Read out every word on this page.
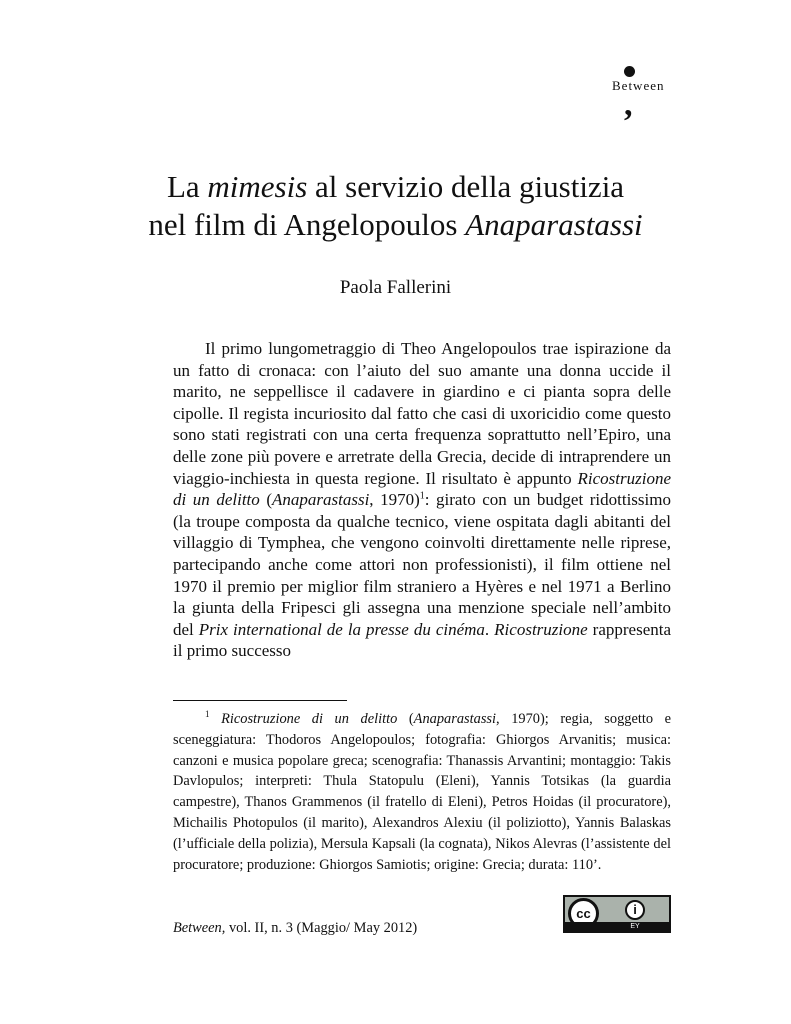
Between
,
La mimesis al servizio della giustizia
nel film di Angelopoulos Anaparastassi

Paola Fallerini

Il primo lungometraggio di Theo Angelopoulos trae ispirazione da un fatto di cronaca: con l’aiuto del suo amante una donna uccide il marito, ne seppellisce il cadavere in giardino e ci pianta sopra delle cipolle. Il regista incuriosito dal fatto che casi di uxoricidio come questo sono stati registrati con una certa frequenza soprattutto nell’Epiro, una delle zone più povere e arretrate della Grecia, decide di intraprendere un viaggio-inchiesta in questa regione. Il risultato è appunto Ricostruzione di un delitto (Anaparastassi, 1970)$^1$: girato con un budget ridottissimo (la troupe composta da qualche tecnico, viene ospitata dagli abitanti del villaggio di Tymphea, che vengono coinvolti direttamente nelle riprese, partecipando anche come attori non professionisti), il film ottiene nel 1970 il premio per miglior film straniero a Hyères e nel 1971 a Berlino la giunta della Fripesci gli assegna una menzione speciale nell’ambito del Prix international de la presse du cinéma. Ricostruzione rappresenta il primo successo

$^1$ Ricostruzione di un delitto (Anaparastassi, 1970); regia, soggetto e sceneggiatura: Thodoros Angelopoulos; fotografia: Ghiorgos Arvanitis; musica: canzoni e musica popolare greca; scenografia: Thanassis Arvantini; montaggio: Takis Davlopulos; interpreti: Thula Statopulu (Eleni), Yannis Totsikas (la guardia campestre), Thanos Grammenos (il fratello di Eleni), Petros Hoidas (il procuratore), Michailis Photopulos (il marito), Alexandros Alexiu (il poliziotto), Yannis Balaskas (l’ufficiale della polizia), Mersula Kapsali (la cognata), Nikos Alevras (l’assistente del procuratore; produzione: Ghiorgos Samiotis; origine: Grecia; durata: 110’.

Between, vol. II, n. 3 (Maggio/ May 2012)

cc	i
EY
